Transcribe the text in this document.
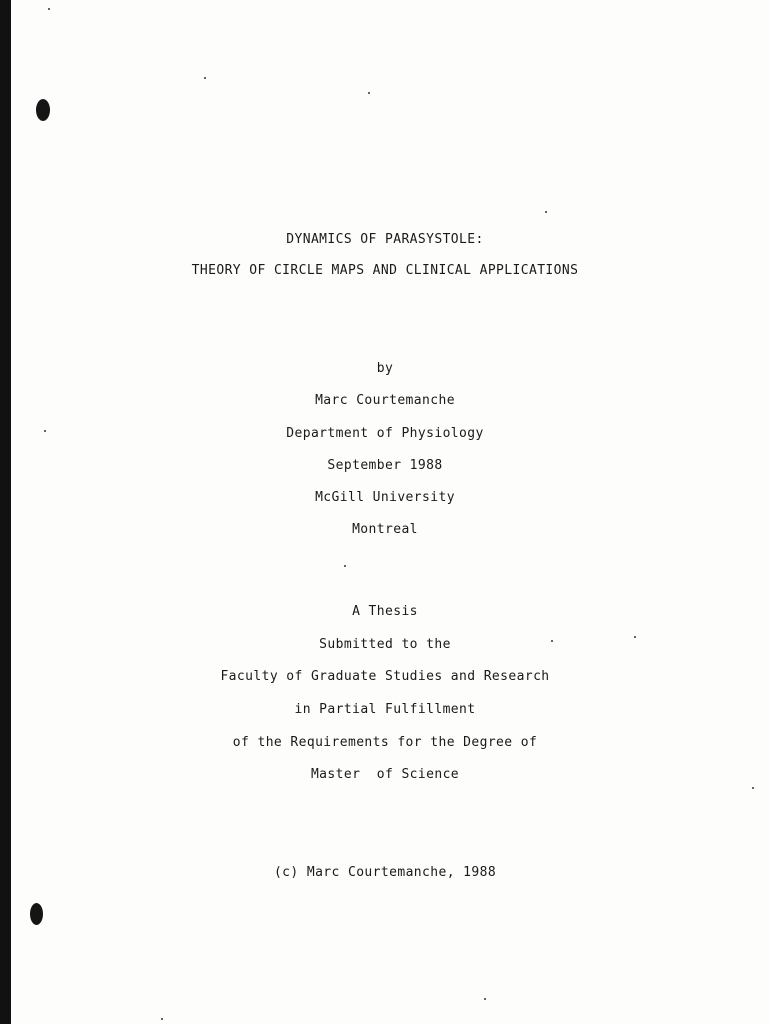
DYNAMICS OF PARASYSTOLE:
THEORY OF CIRCLE MAPS AND CLINICAL APPLICATIONS
by
Marc Courtemanche
Department of Physiology
September 1988
McGill University
Montreal
A Thesis
Submitted to the
Faculty of Graduate Studies and Research
in Partial Fulfillment
of the Requirements for the Degree of
Master  of Science
(c) Marc Courtemanche, 1988
